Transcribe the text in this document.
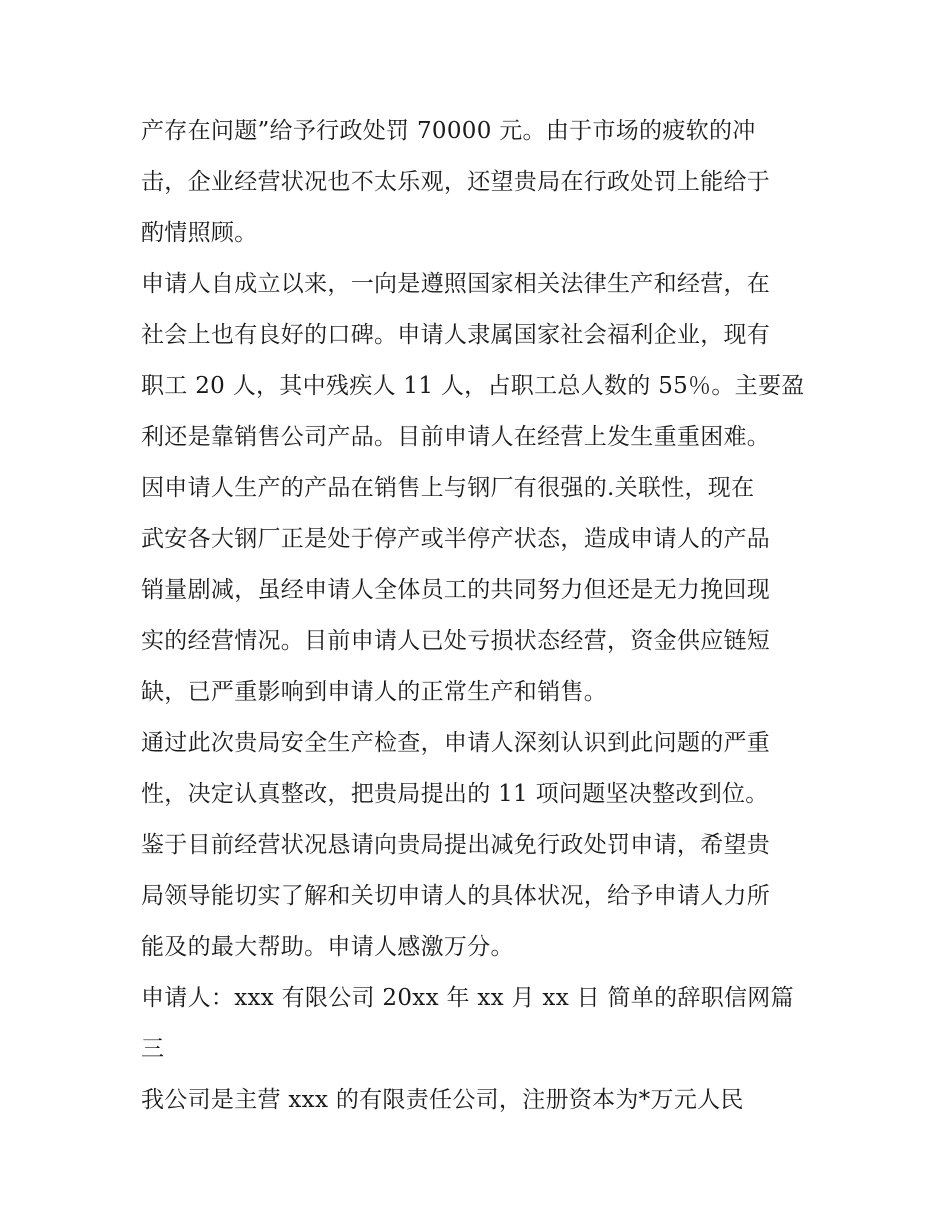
产存在问题”给予行政处罚 70000 元。由于市场的疲软的冲
击，企业经营状况也不太乐观，还望贵局在行政处罚上能给于
酌情照顾。
申请人自成立以来，一向是遵照国家相关法律生产和经营，在
社会上也有良好的口碑。申请人隶属国家社会福利企业，现有
职工 20 人，其中残疾人 11 人，占职工总人数的 55％。主要盈
利还是靠销售公司产品。目前申请人在经营上发生重重困难。
因申请人生产的产品在销售上与钢厂有很强的.关联性，现在
武安各大钢厂正是处于停产或半停产状态，造成申请人的产品
销量剧减，虽经申请人全体员工的共同努力但还是无力挽回现
实的经营情况。目前申请人已处亏损状态经营，资金供应链短
缺，已严重影响到申请人的正常生产和销售。
通过此次贵局安全生产检查，申请人深刻认识到此问题的严重
性，决定认真整改，把贵局提出的 11 项问题坚决整改到位。
鉴于目前经营状况恳请向贵局提出减免行政处罚申请，希望贵
局领导能切实了解和关切申请人的具体状况，给予申请人力所
能及的最大帮助。申请人感激万分。
申请人：xxx 有限公司 20xx 年 xx 月 xx 日 简单的辞职信网篇
三
我公司是主营 xxx 的有限责任公司，注册资本为*万元人民
